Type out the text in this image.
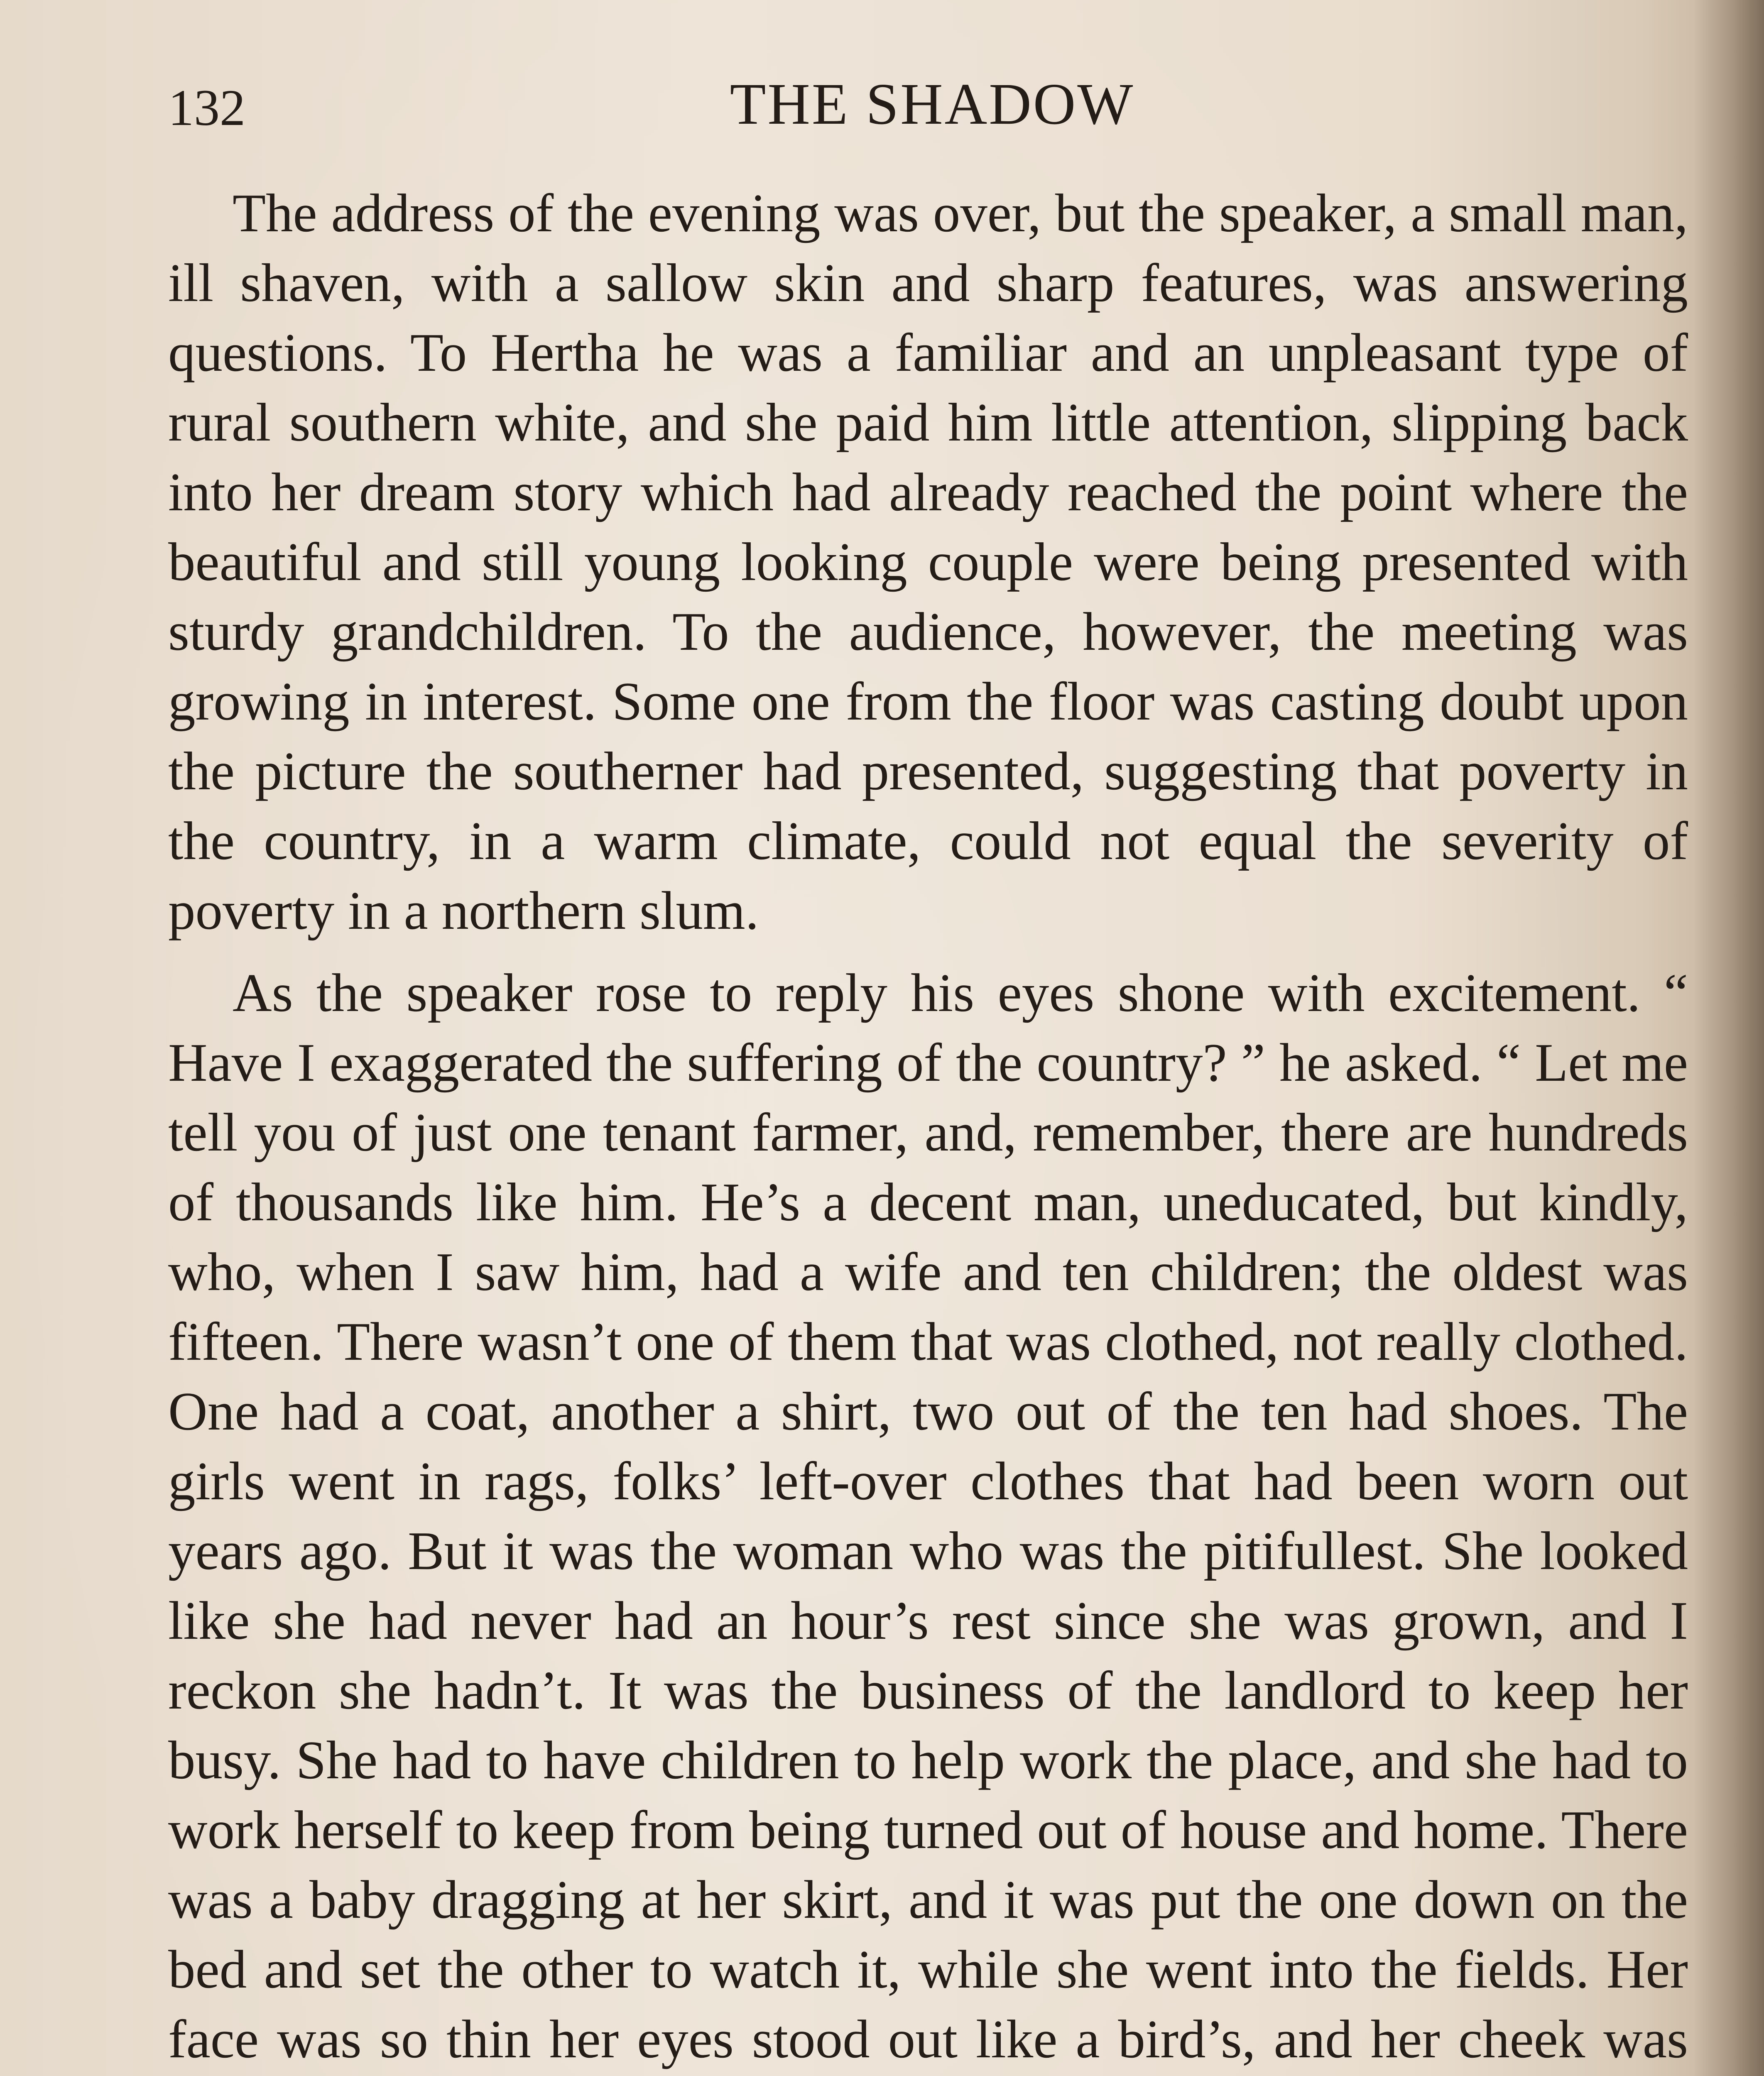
132	THE SHADOW

The address of the evening was over, but the speaker, a small man, ill shaven, with a sallow skin and sharp features, was answering questions. To Hertha he was a familiar and an unpleasant type of rural southern white, and she paid him little attention, slipping back into her dream story which had already reached the point where the beautiful and still young looking couple were being presented with sturdy grandchildren. To the audience, however, the meeting was growing in interest. Some one from the floor was casting doubt upon the picture the southerner had presented, suggesting that poverty in the country, in a warm climate, could not equal the severity of poverty in a northern slum.

As the speaker rose to reply his eyes shone with excitement. “ Have I exaggerated the suffering of the country? ” he asked. “ Let me tell you of just one tenant farmer, and, remember, there are hundreds of thousands like him. He’s a decent man, uneducated, but kindly, who, when I saw him, had a wife and ten children; the oldest was fifteen. There wasn’t one of them that was clothed, not really clothed. One had a coat, another a shirt, two out of the ten had shoes. The girls went in rags, folks’ left-over clothes that had been worn out years ago. But it was the woman who was the pitifullest. She looked like she had never had an hour’s rest since she was grown, and I reckon she hadn’t. It was the business of the landlord to keep her busy. She had to have children to help work the place, and she had to work herself to keep from being turned out of house and home. There was a baby dragging at her skirt, and it was put the one down on the bed and set the other to watch it, while she went into the fields. Her face was so thin her eyes stood out like a bird’s, and her cheek was
